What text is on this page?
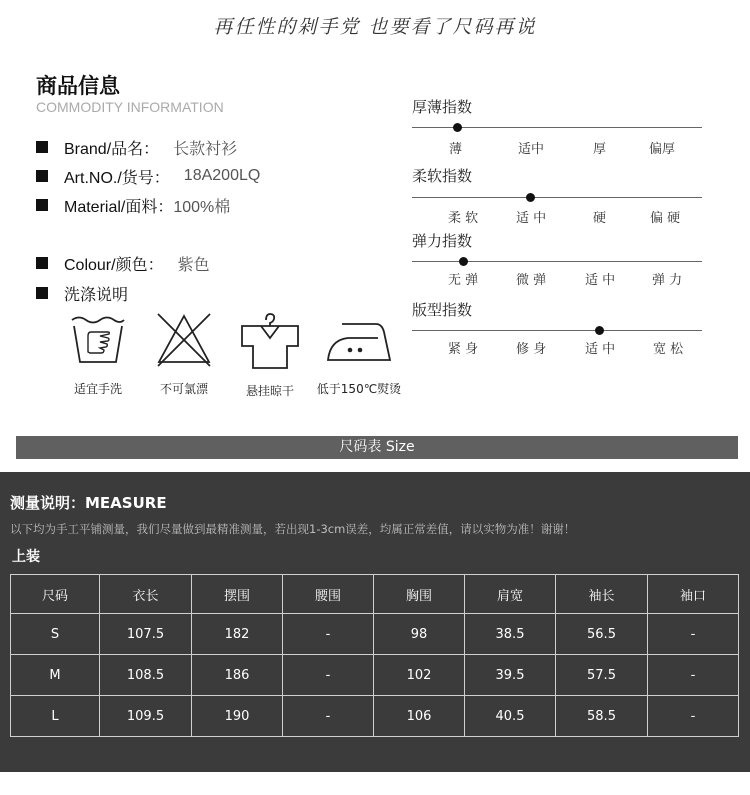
再任性的剁手党 也要看了尺码再说
商品信息
COMMODITY INFORMATION
Brand/品名： 长款衬衫
Art.NO./货号： 18A200LQ
Material/面料： 100%棉
Colour/颜色： 紫色
洗涤说明
适宜手洗	不可氯漂	悬挂晾干	低于150℃熨烫
厚薄指数
薄	适中	厚	偏厚
柔软指数
柔 软	适 中	硬	偏 硬
弹力指数
无 弹	微 弹	适 中	弹 力
版型指数
紧 身	修 身	适 中	宽 松
尺码表 Size
测量说明：MEASURE
以下均为手工平铺测量，我们尽量做到最精准测量，若出现1-3cm误差，均属正常差值，请以实物为准！谢谢！
上装
尺码	衣长	摆围	腰围	胸围	肩宽	袖长	袖口
S	107.5	182	-	98	38.5	56.5	-
M	108.5	186	-	102	39.5	57.5	-
L	109.5	190	-	106	40.5	58.5	-
